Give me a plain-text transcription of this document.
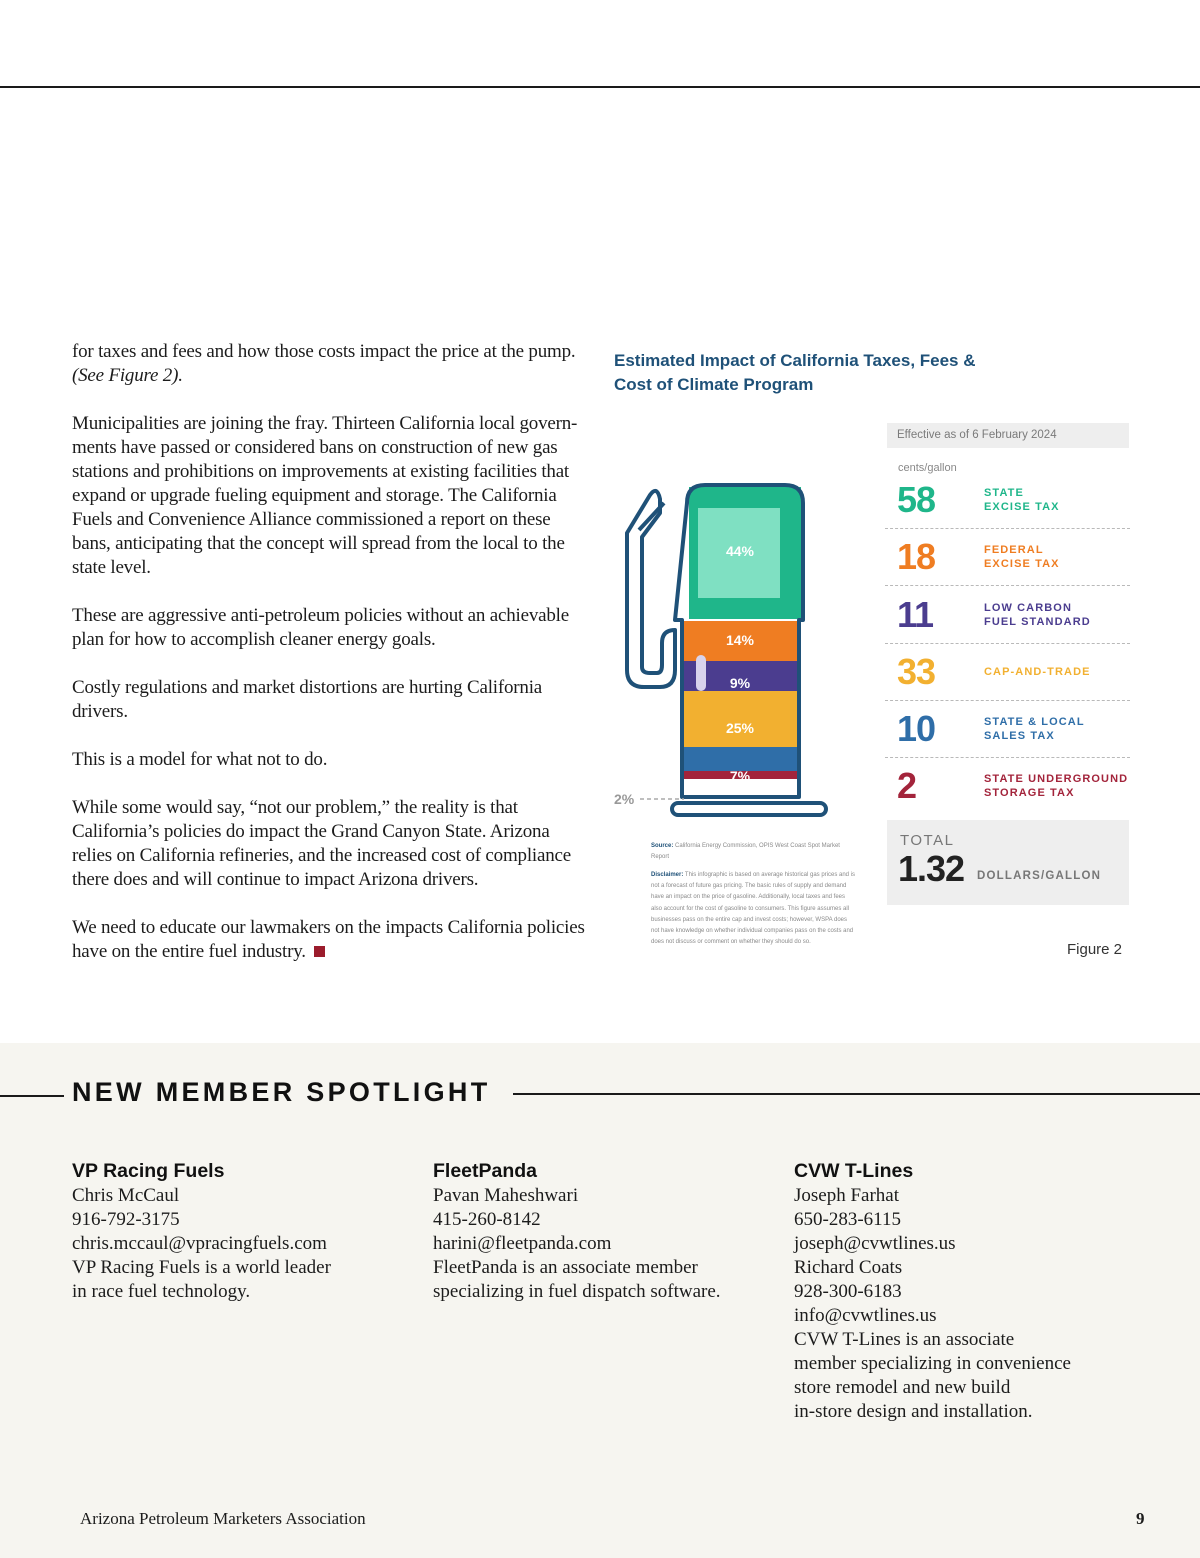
for taxes and fees and how those costs impact the price at the pump. (See Figure 2).

Municipalities are joining the fray. Thirteen California local govern-ments have passed or considered bans on construction of new gas stations and prohibitions on improvements at existing facilities that expand or upgrade fueling equipment and storage. The California Fuels and Convenience Alliance commissioned a report on these bans, anticipating that the concept will spread from the local to the state level.

These are aggressive anti-petroleum policies without an achievable plan for how to accomplish cleaner energy goals.

Costly regulations and market distortions are hurting California drivers.

This is a model for what not to do.

While some would say, “not our problem,” the reality is that California’s policies do impact the Grand Canyon State. Arizona relies on California refineries, and the increased cost of compliance there does and will continue to impact Arizona drivers.

We need to educate our lawmakers on the impacts California policies have on the entire fuel industry.

Estimated Impact of California Taxes, Fees & Cost of Climate Program
2%
44%
14%
9%
25%
7%
Effective as of 6 February 2024
cents/gallon
58	STATE
EXCISE TAX
18	FEDERAL
EXCISE TAX
11	LOW CARBON
FUEL STANDARD
33	CAP-AND-TRADE
10	STATE & LOCAL
SALES TAX
2	STATE UNDERGROUND
STORAGE TAX
TOTAL
1.32 DOLLARS/GALLON
Source: California Energy Commission, OPIS West Coast Spot Market Report
Disclaimer: This infographic is based on average historical gas prices and is not a forecast of future gas pricing. The basic rules of supply and demand have an impact on the price of gasoline. Additionally, local taxes and fees also account for the cost of gasoline to consumers. This figure assumes all businesses pass on the entire cap and invest costs; however, WSPA does not have knowledge on whether individual companies pass on the costs and does not discuss or comment on whether they should do so.	Figure 2
NEW MEMBER SPOTLIGHT
VP Racing Fuels
Chris McCaul
916-792-3175
chris.mccaul@vpracingfuels.com
VP Racing Fuels is a world leader
in race fuel technology.
FleetPanda
Pavan Maheshwari
415-260-8142
harini@fleetpanda.com
FleetPanda is an associate member
specializing in fuel dispatch software.
CVW T-Lines
Joseph Farhat
650-283-6115
joseph@cvwtlines.us
Richard Coats
928-300-6183
info@cvwtlines.us
CVW T-Lines is an associate
member specializing in convenience
store remodel and new build
in-store design and installation.
Arizona Petroleum Marketers Association	9
